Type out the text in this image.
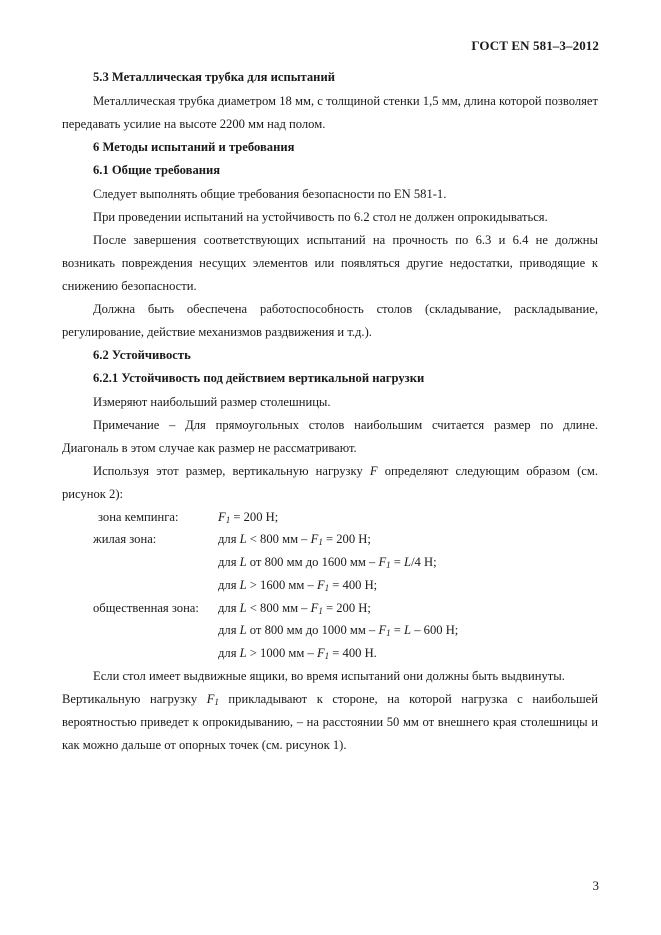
ГОСТ EN 581–3–2012

5.3 Металлическая трубка для испытаний

Металлическая трубка диаметром 18 мм, с толщиной стенки 1,5 мм, длина которой позволяет передавать усилие на высоте 2200 мм над полом.

6 Методы испытаний и требования

6.1 Общие требования

Следует выполнять общие требования безопасности по EN 581-1.

При проведении испытаний на устойчивость по 6.2 стол не должен опрокидываться.

После завершения соответствующих испытаний на прочность по 6.3 и 6.4 не должны возникать повреждения несущих элементов или появляться другие недостатки, приводящие к снижению безопасности.

Должна быть обеспечена работоспособность столов (складывание, раскладывание, регулирование, действие механизмов раздвижения и т.д.).

6.2 Устойчивость

6.2.1 Устойчивость под действием вертикальной нагрузки

Измеряют наибольший размер столешницы.

Примечание – Для прямоугольных столов наибольшим считается размер по длине. Диагональ в этом случае как размер не рассматривают.

Используя этот размер, вертикальную нагрузку F определяют следующим образом (см. рисунок 2):

зона кемпинга:	$F_1 = 200$ Н;
жилая зона:	для L < 800 мм – $F_1 = 200$ Н;
для L от 800 мм до 1600 мм – $F_1 = L/4$ Н;
для L > 1600 мм – $F_1 = 400$ Н;
общественная зона: для L < 800 мм – $F_1 = 200$ Н;
для L от 800 мм до 1000 мм – $F_1 = L - 600$ Н;
для L > 1000 мм – $F_1 = 400$ Н.

Если стол имеет выдвижные ящики, во время испытаний они должны быть выдвинуты.

Вертикальную нагрузку $F_1$ прикладывают к стороне, на которой нагрузка с наибольшей вероятностью приведет к опрокидыванию, – на расстоянии 50 мм от внешнего края столешницы и как можно дальше от опорных точек (см. рисунок 1).

3
